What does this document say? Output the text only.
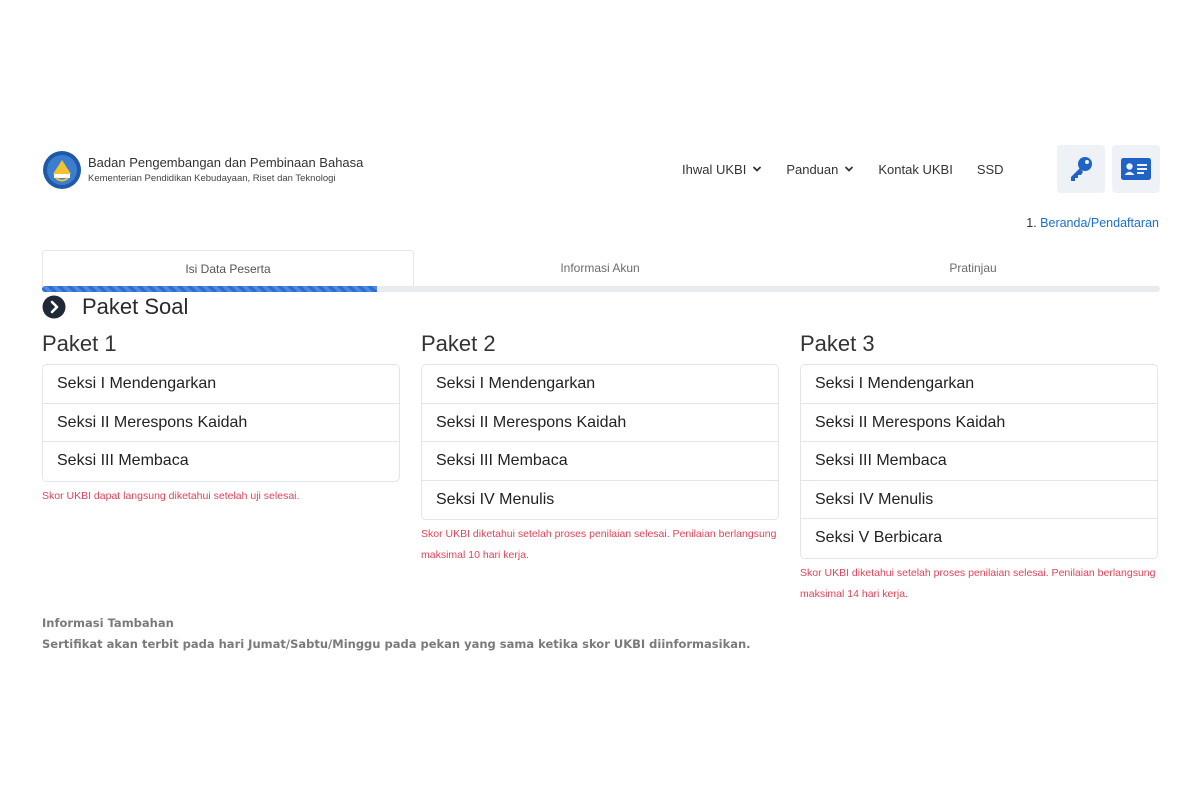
Badan Pengembangan dan Pembinaan Bahasa
Kementerian Pendidikan Kebudayaan, Riset dan Teknologi
Ihwal UKBI	Panduan	Kontak UKBI SSD
1. Beranda/Pendaftaran
Isi Data Peserta	Informasi Akun	Pratinjau
Paket Soal
Paket 1
Seksi I Mendengarkan
Seksi II Merespons Kaidah
Seksi III Membaca
Skor UKBI dapat langsung diketahui setelah uji selesai.
Paket 2
Seksi I Mendengarkan
Seksi II Merespons Kaidah
Seksi III Membaca
Seksi IV Menulis
Skor UKBI diketahui setelah proses penilaian selesai. Penilaian berlangsung maksimal 10 hari kerja.
Paket 3
Seksi I Mendengarkan
Seksi II Merespons Kaidah
Seksi III Membaca
Seksi IV Menulis
Seksi V Berbicara
Skor UKBI diketahui setelah proses penilaian selesai. Penilaian berlangsung maksimal 14 hari kerja.
Informasi Tambahan
Sertifikat akan terbit pada hari Jumat/Sabtu/Minggu pada pekan yang sama ketika skor UKBI diinformasikan.
